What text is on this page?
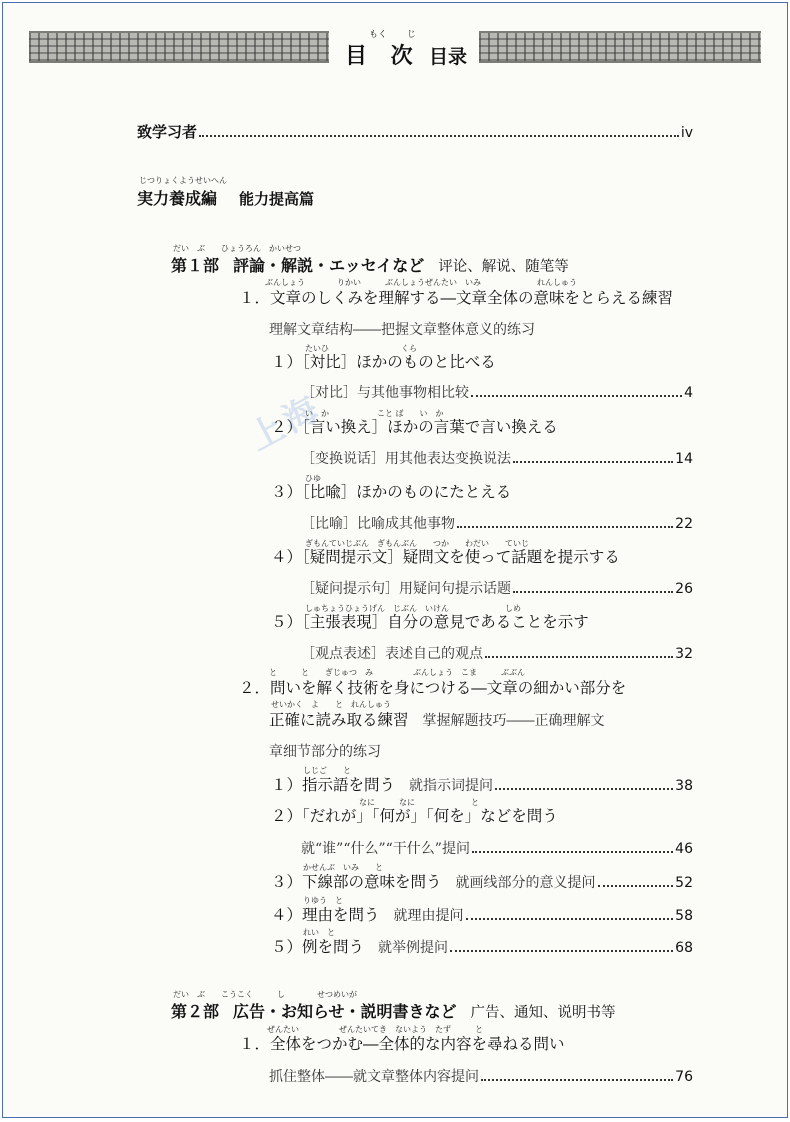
もく じ
目 次 目录
致学习者	iv
じつりょくようせいへん
実力養成編 能力提高篇
だい　ぶ　　ひょうろん　かいせつ
第１部 評論・解説・エッセイなど 评论、解说、随笔等
ぶんしょう　　　　りかい　　　ぶんしょうぜんたい　いみ　　　　　　　れんしゅう
１．文章のしくみを理解する―文章全体の意味をとらえる練習
理解文章结构――把握文章整体意义的练习
たいひ　　　　　　　　　くら
１）［対比］ほかのものと比べる
［对比］与其他事物相比较	4
い　か　　　　　　こと ば　　い　か
２）［言い換え］ほかの言葉で言い換える
［变换说话］用其他表达变换说法	14
ひゆ
３）［比喩］ほかのものにたとえる
［比喻］比喻成其他事物	22
ぎもんていじぶん　ぎもんぶん　　つか　　わだい　　ていじ
４）［疑問提示文］疑問文を使って話題を提示する
［疑问提示句］用疑问句提示话题	26
しゅちょうひょうげん　じぶん　いけん　　　　　　　しめ
５）［主張表現］自分の意見であることを示す
［观点表述］表述自己的观点	32
と　　　と　　ぎじゅつ　み　　　　　ぶんしょう　こま　　　ぶぶん
２．問いを解く技術を身につける―文章の細かい部分を
せいかく　よ　　と　れんしゅう
正確に読み取る練習 掌握解题技巧――正确理解文
章细节部分的练习
１）指示語を問う 就指示词提问	38
しじご　　と
　　　　　　　なに　　　なに　　　　　　　と
２）「だれが」「何が」「何を」などを問う
就“谁”“什么”“干什么”提问	46
かせんぶ　いみ　　と
３）下線部の意味を問う 就画线部分的意义提问	52
りゆう　と
４）理由を問う 就理由提问	58
れい　と
５）例を問う 就举例提问	68
だい　ぶ　　こうこく　　　し　　　　せつめいが
第２部 広告・お知らせ・説明書きなど 广告、通知、说明书等
ぜんたい　　　　　ぜんたいてき　ないよう　たず　　　と
１．全体をつかむ―全体的な内容を尋ねる問い
抓住整体――就文章整体内容提问	76
上海
